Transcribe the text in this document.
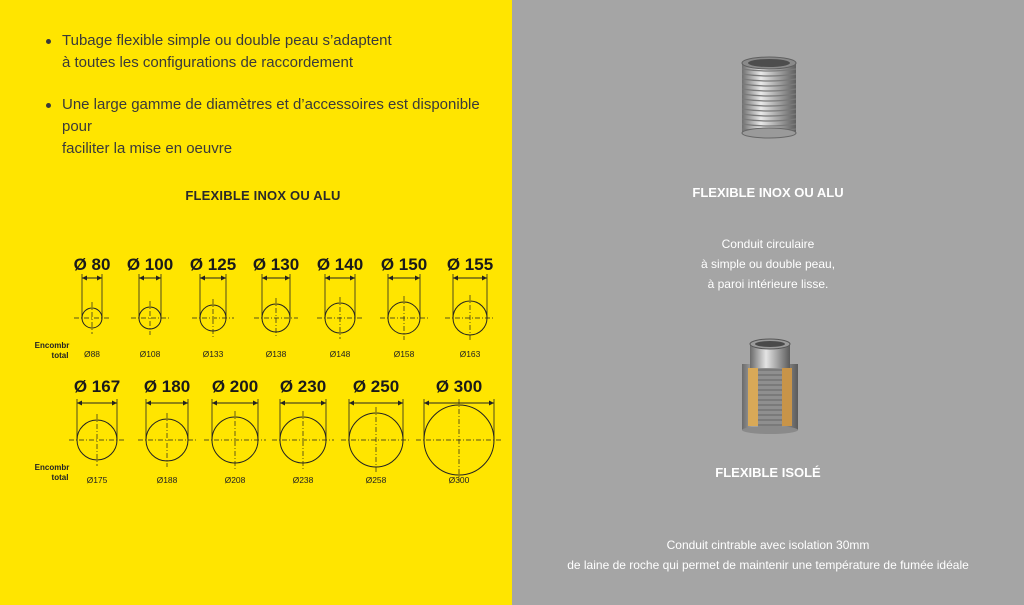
Tubage flexible simple ou double peau s’adaptent
à toutes les configurations de raccordement
Une large gamme de diamètres et d’accessoires est disponible
pour
faciliter la mise en oeuvre
FLEXIBLE INOX OU ALU
Encombr
total
Ø 80
Ø88
Ø 100
Ø108
Ø 125
Ø133
Ø 130
Ø138
Ø 140
Ø148
Ø 150
Ø158
Ø 155
Ø163
Encombr
total
Ø 167
Ø175
Ø 180
Ø188
Ø 200
Ø208
Ø 230
Ø238
Ø 250
Ø258
Ø 300
Ø300
FLEXIBLE INOX OU ALU
Conduit circulaire
à simple ou double peau,
à paroi intérieure lisse.
FLEXIBLE ISOLÉ
Conduit cintrable avec isolation 30mm
de laine de roche qui permet de maintenir une température de fumée idéale
